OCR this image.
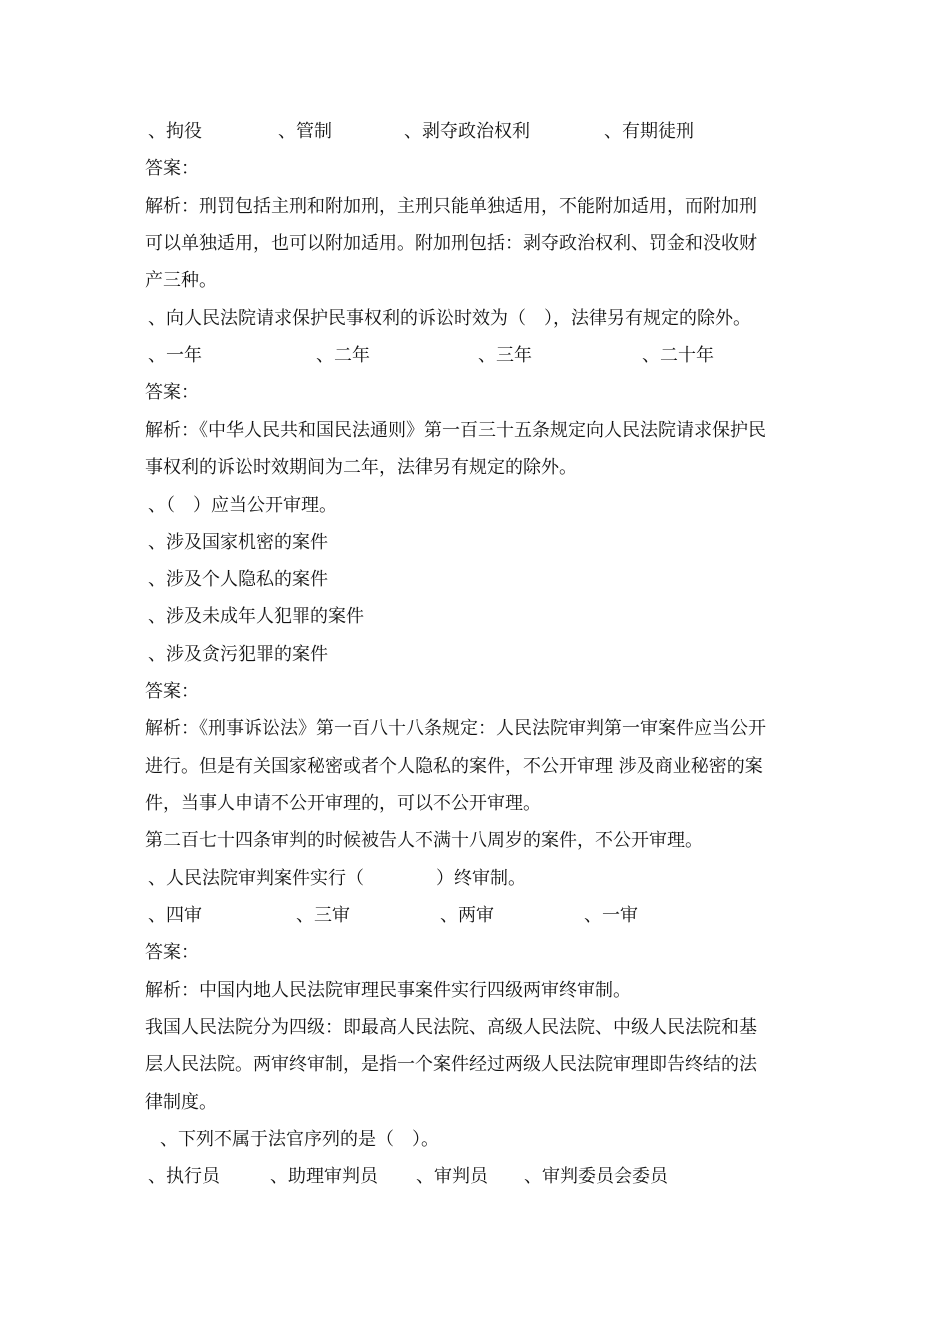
、拘役	、管制	、剥夺政治权利	、有期徒刑
答案：
解析：刑罚包括主刑和附加刑，主刑只能单独适用，不能附加适用，而附加刑
可以单独适用，也可以附加适用。附加刑包括：剥夺政治权利、罚金和没收财
产三种。
、向人民法院请求保护民事权利的诉讼时效为（　），法律另有规定的除外。
、一年	、二年	、三年	、二十年
答案：
解析：《中华人民共和国民法通则》第一百三十五条规定向人民法院请求保护民
事权利的诉讼时效期间为二年，法律另有规定的除外。
、（　）应当公开审理。
、涉及国家机密的案件
、涉及个人隐私的案件
、涉及未成年人犯罪的案件
、涉及贪污犯罪的案件
答案：
解析：《刑事诉讼法》第一百八十八条规定：人民法院审判第一审案件应当公开
进行。但是有关国家秘密或者个人隐私的案件，不公开审理 涉及商业秘密的案
件，当事人申请不公开审理的，可以不公开审理。
第二百七十四条审判的时候被告人不满十八周岁的案件，不公开审理。
、人民法院审判案件实行（　　　　）终审制。
、四审	、三审	、两审	、一审
答案：
解析：中国内地人民法院审理民事案件实行四级两审终审制。
我国人民法院分为四级：即最高人民法院、高级人民法院、中级人民法院和基
层人民法院。两审终审制，是指一个案件经过两级人民法院审理即告终结的法
律制度。
、下列不属于法官序列的是（　）。
、执行员	、助理审判员 、审判员 、审判委员会委员
